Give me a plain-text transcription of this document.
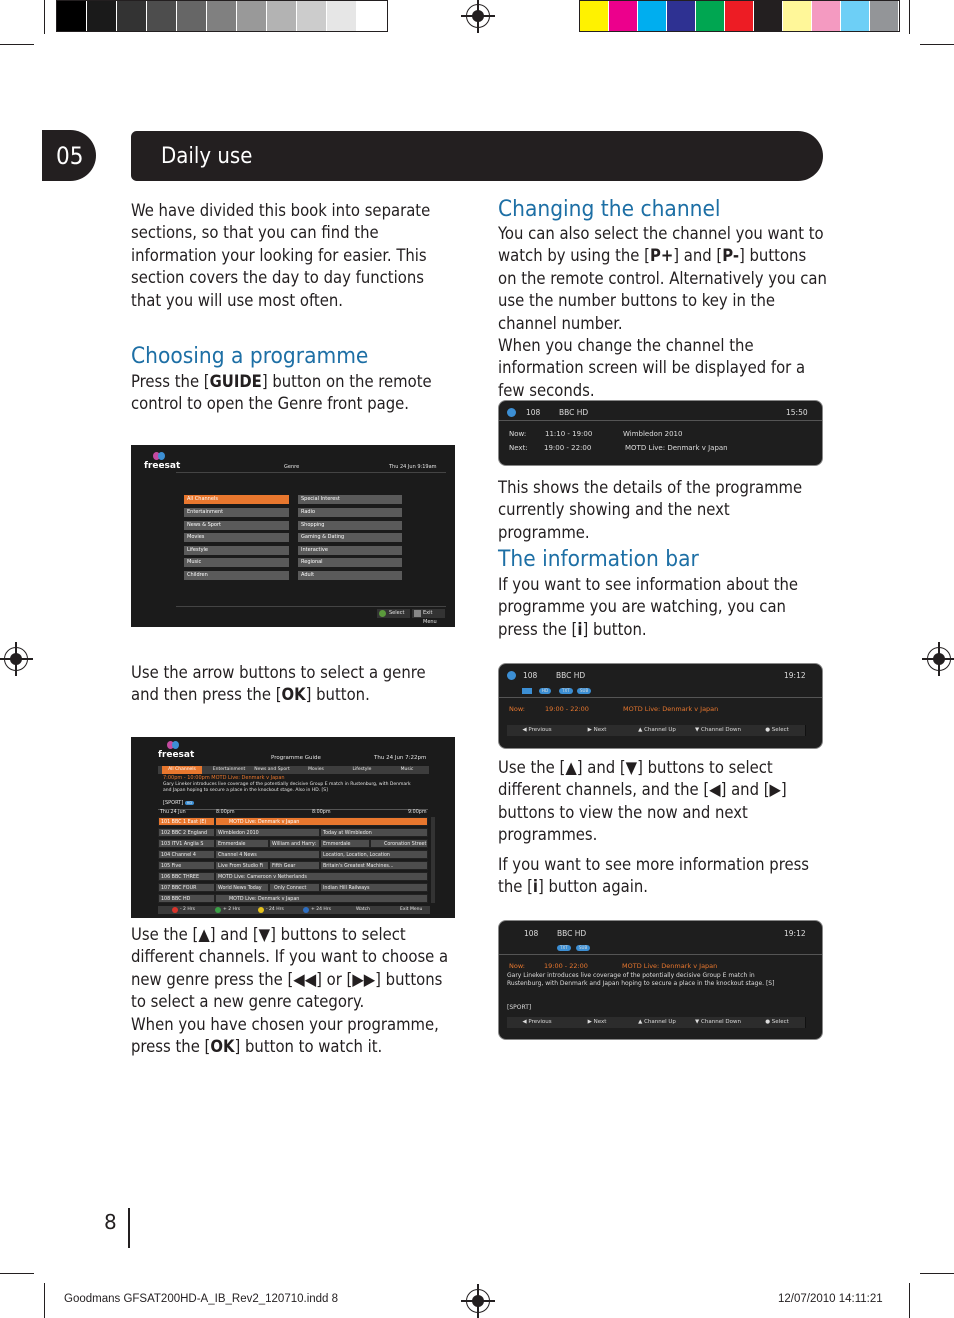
05	Daily use
We have divided this book into separate sections, so that you can find the information your looking for easier. This section covers the day to day functions that you will use most often.
Choosing a programme
Press the [GUIDE] button on the remote control to open the Genre front page.
freesat	Genre	Thu 24 Jun 9:19am
All Channels
Entertainment
News & Sport
Movies
Lifestyle
Music
Children
Special Interest
Radio
Shopping
Gaming & Dating
Interactive
Regional
Adult
Select	Exit Menu
Use the arrow buttons to select a genre and then press the [OK] button.
freesat	Programme Guide	Thu 24 Jun 7:22pm
All Channels	Entertainment	News and Sport	Movies	Lifestyle	Music
7:00pm - 10:00pm MOTD Live: Denmark v Japan
Gary Lineker introduces live coverage of the potentially decisive Group E match in Rustenburg, with Denmark and Japan hoping to secure a place in the knockout stage. Also in HD. [S]
[SPORT] HD
Thu 24 Jun	8:00pm	8:00pm	9:00pm
101 BBC 1 East (E)	MOTD Live: Denmark v Japan
102 BBC 2 England	Wimbledon 2010	Today at Wimbledon
103 ITV1 Anglia S	Emmerdale	William and Harry:	Emmerdale	Coronation Street
104 Channel 4	Channel 4 News	Location, Location, Location
105 Five	Live From Studio Fi	Fifth Gear	Britain's Greatest Machines...
106 BBC THREE	MOTD Live: Cameroon v Netherlands
107 BBC FOUR	World News Today	Only Connect	Indian Hill Railways
108 BBC HD	MOTD Live: Denmark v Japan
- 2 Hrs	+ 2 Hrs	- 24 Hrs	+ 24 Hrs	Watch	Exit Menu
Use the [▲] and [▼] buttons to select different channels. If you want to choose a new genre press the [◀◀] or [▶▶] buttons to select a new genre category.
When you have chosen your programme, press the [OK] button to watch it.
Changing the channel
You can also select the channel you want to watch by using the [P+] and [P-] buttons on the remote control. Alternatively you can use the number buttons to key in the channel number.
When you change the channel the information screen will be displayed for a few seconds.
108 BBC HD	15:50
Now:	11:10 - 19:00	Wimbledon 2010
Next: 19:00 - 22:00	MOTD Live: Denmark v Japan
This shows the details of the programme currently showing and the next programme.
The information bar
If you want to see information about the programme you are watching, you can press the [i] button.
108 BBC HD	19:12
HD	TXT	SUB
Now:	19:00 - 22:00	MOTD Live: Denmark v Japan
◀ Previous	▶ Next	▲ Channel Up	▼ Channel Down	● Select
Use the [▲] and [▼] buttons to select different channels, and the [◀] and [▶] buttons to view the now and next programmes.
If you want to see more information press the [i] button again.
108 BBC HD	19:12
TXT	SUB
Now:	19:00 - 22:00	MOTD Live: Denmark v Japan
Gary Lineker introduces live coverage of the potentially decisive Group E match in Rustenburg, with Denmark and Japan hoping to secure a place in the knockout stage. [S]
[SPORT]
◀ Previous	▶ Next	▲ Channel Up	▼ Channel Down	● Select
8
Goodmans GFSAT200HD-A_IB_Rev2_120710.indd 8	12/07/2010 14:11:21
